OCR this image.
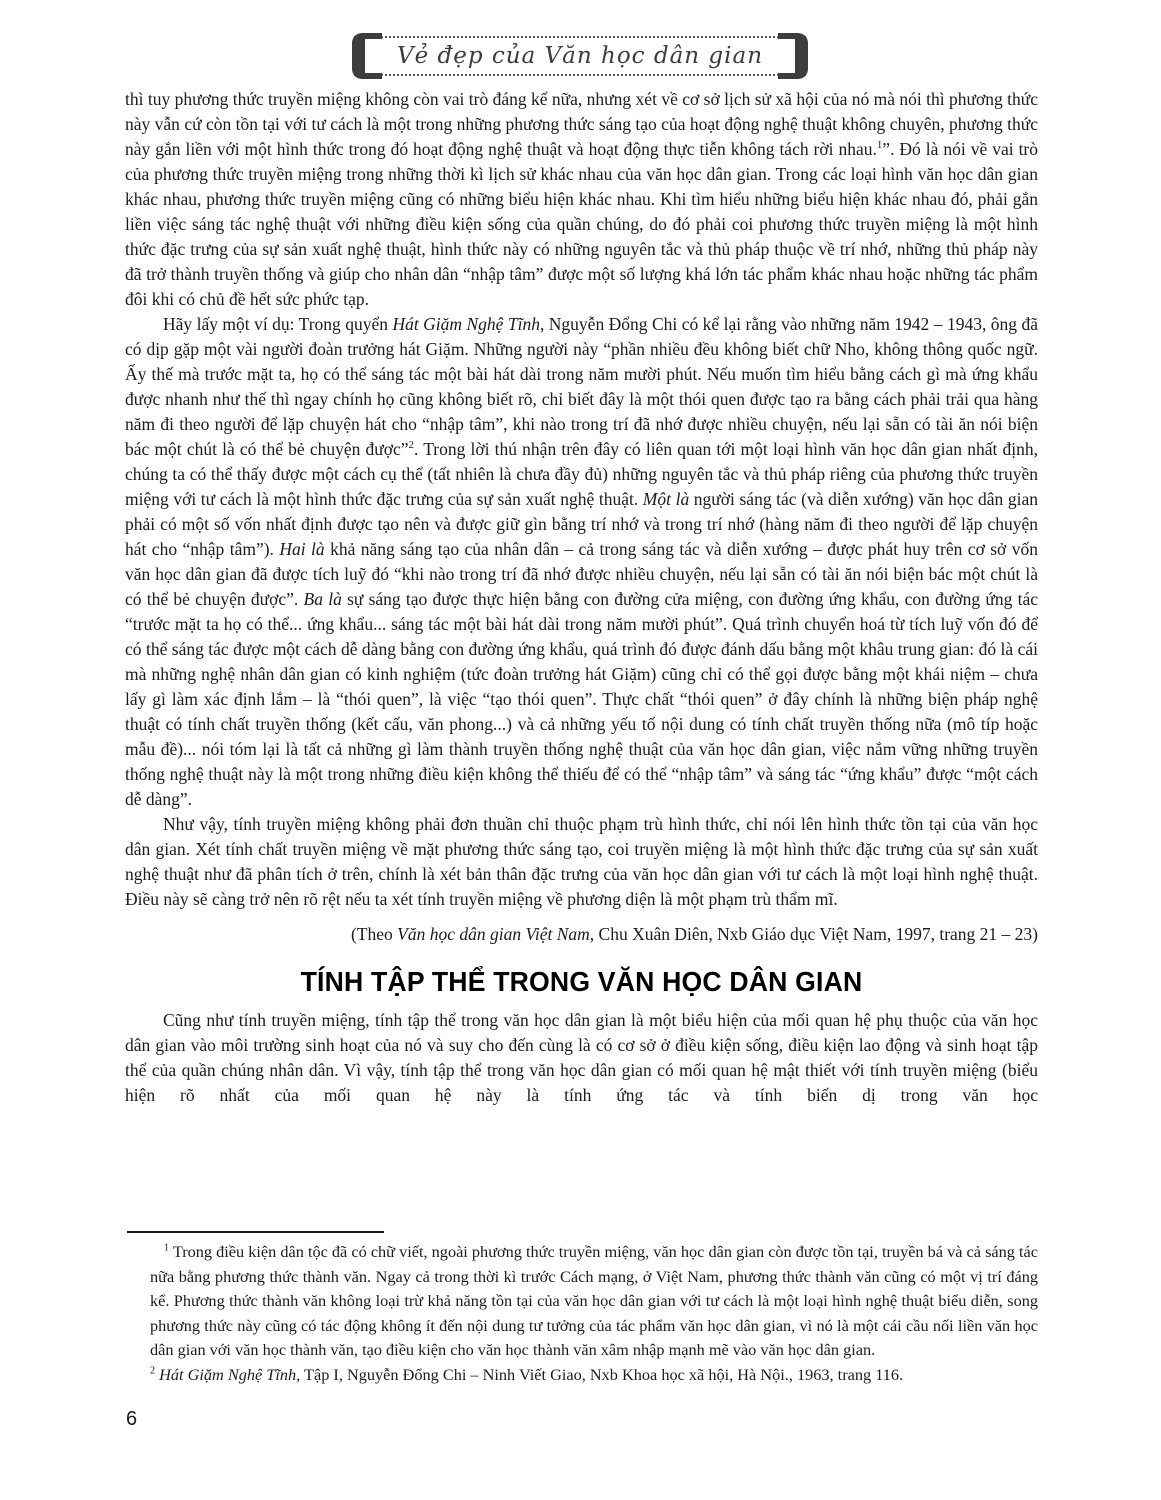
Vẻ đẹp của Văn học dân gian

thì tuy phương thức truyền miệng không còn vai trò đáng kể nữa, nhưng xét về cơ sở lịch sử xã hội của nó mà nói thì phương thức này vẫn cứ còn tồn tại với tư cách là một trong những phương thức sáng tạo của hoạt động nghệ thuật không chuyên, phương thức này gắn liền với một hình thức trong đó hoạt động nghệ thuật và hoạt động thực tiễn không tách rời nhau.$^1$”. Đó là nói về vai trò của phương thức truyền miệng trong những thời kì lịch sử khác nhau của văn học dân gian. Trong các loại hình văn học dân gian khác nhau, phương thức truyền miệng cũng có những biểu hiện khác nhau. Khi tìm hiểu những biểu hiện khác nhau đó, phải gắn liền việc sáng tác nghệ thuật với những điều kiện sống của quần chúng, do đó phải coi phương thức truyền miệng là một hình thức đặc trưng của sự sản xuất nghệ thuật, hình thức này có những nguyên tắc và thủ pháp thuộc về trí nhớ, những thủ pháp này đã trở thành truyền thống và giúp cho nhân dân “nhập tâm” được một số lượng khá lớn tác phẩm khác nhau hoặc những tác phẩm đôi khi có chủ đề hết sức phức tạp.

Hãy lấy một ví dụ: Trong quyển Hát Giặm Nghệ Tĩnh, Nguyễn Đổng Chi có kể lại rằng vào những năm 1942 – 1943, ông đã có dịp gặp một vài người đoàn trưởng hát Giặm. Những người này “phần nhiều đều không biết chữ Nho, không thông quốc ngữ. Ấy thế mà trước mặt ta, họ có thể sáng tác một bài hát dài trong năm mười phút. Nếu muốn tìm hiểu bằng cách gì mà ứng khẩu được nhanh như thế thì ngay chính họ cũng không biết rõ, chỉ biết đây là một thói quen được tạo ra bằng cách phải trải qua hàng năm đi theo người để lặp chuyện hát cho “nhập tâm”, khi nào trong trí đã nhớ được nhiều chuyện, nếu lại sẵn có tài ăn nói biện bác một chút là có thể bẻ chuyện được”$^2$. Trong lời thú nhận trên đây có liên quan tới một loại hình văn học dân gian nhất định, chúng ta có thể thấy được một cách cụ thể (tất nhiên là chưa đầy đủ) những nguyên tắc và thủ pháp riêng của phương thức truyền miệng với tư cách là một hình thức đặc trưng của sự sản xuất nghệ thuật. Một là người sáng tác (và diễn xướng) văn học dân gian phải có một số vốn nhất định được tạo nên và được giữ gìn bằng trí nhớ và trong trí nhớ (hàng năm đi theo người để lặp chuyện hát cho “nhập tâm”). Hai là khả năng sáng tạo của nhân dân – cả trong sáng tác và diễn xướng – được phát huy trên cơ sở vốn văn học dân gian đã được tích luỹ đó “khi nào trong trí đã nhớ được nhiều chuyện, nếu lại sẵn có tài ăn nói biện bác một chút là có thể bẻ chuyện được”. Ba là sự sáng tạo được thực hiện bằng con đường cửa miệng, con đường ứng khẩu, con đường ứng tác “trước mặt ta họ có thể... ứng khẩu... sáng tác một bài hát dài trong năm mười phút”. Quá trình chuyển hoá từ tích luỹ vốn đó để có thể sáng tác được một cách dễ dàng bằng con đường ứng khẩu, quá trình đó được đánh dấu bằng một khâu trung gian: đó là cái mà những nghệ nhân dân gian có kinh nghiệm (tức đoàn trưởng hát Giặm) cũng chỉ có thể gọi được bằng một khái niệm – chưa lấy gì làm xác định lắm – là “thói quen”, là việc “tạo thói quen”. Thực chất “thói quen” ở đây chính là những biện pháp nghệ thuật có tính chất truyền thống (kết cấu, văn phong...) và cả những yếu tố nội dung có tính chất truyền thống nữa (mô típ hoặc mẫu đề)... nói tóm lại là tất cả những gì làm thành truyền thống nghệ thuật của văn học dân gian, việc nắm vững những truyền thống nghệ thuật này là một trong những điều kiện không thể thiếu để có thể “nhập tâm” và sáng tác “ứng khẩu” được “một cách dễ dàng”.

Như vậy, tính truyền miệng không phải đơn thuần chỉ thuộc phạm trù hình thức, chỉ nói lên hình thức tồn tại của văn học dân gian. Xét tính chất truyền miệng về mặt phương thức sáng tạo, coi truyền miệng là một hình thức đặc trưng của sự sản xuất nghệ thuật như đã phân tích ở trên, chính là xét bản thân đặc trưng của văn học dân gian với tư cách là một loại hình nghệ thuật. Điều này sẽ càng trở nên rõ rệt nếu ta xét tính truyền miệng về phương diện là một phạm trù thẩm mĩ.

(Theo Văn học dân gian Việt Nam, Chu Xuân Diên, Nxb Giáo dục Việt Nam, 1997, trang 21 – 23)

TÍNH TẬP THỂ TRONG VĂN HỌC DÂN GIAN

Cũng như tính truyền miệng, tính tập thể trong văn học dân gian là một biểu hiện của mối quan hệ phụ thuộc của văn học dân gian vào môi trường sinh hoạt của nó và suy cho đến cùng là có cơ sở ở điều kiện sống, điều kiện lao động và sinh hoạt tập thể của quần chúng nhân dân. Vì vậy, tính tập thể trong văn học dân gian có mối quan hệ mật thiết với tính truyền miệng (biểu hiện rõ nhất của mối quan hệ này là tính ứng tác và tính biến dị trong văn học

$^1$ Trong điều kiện dân tộc đã có chữ viết, ngoài phương thức truyền miệng, văn học dân gian còn được tồn tại, truyền bá và cả sáng tác nữa bằng phương thức thành văn. Ngay cả trong thời kì trước Cách mạng, ở Việt Nam, phương thức thành văn cũng có một vị trí đáng kể. Phương thức thành văn không loại trừ khả năng tồn tại của văn học dân gian với tư cách là một loại hình nghệ thuật biểu diễn, song phương thức này cũng có tác động không ít đến nội dung tư tưởng của tác phẩm văn học dân gian, vì nó là một cái cầu nối liền văn học dân gian với văn học thành văn, tạo điều kiện cho văn học thành văn xâm nhập mạnh mẽ vào văn học dân gian.

$^2$ Hát Giặm Nghệ Tĩnh, Tập I, Nguyễn Đổng Chi – Ninh Viết Giao, Nxb Khoa học xã hội, Hà Nội., 1963, trang 116.

6
